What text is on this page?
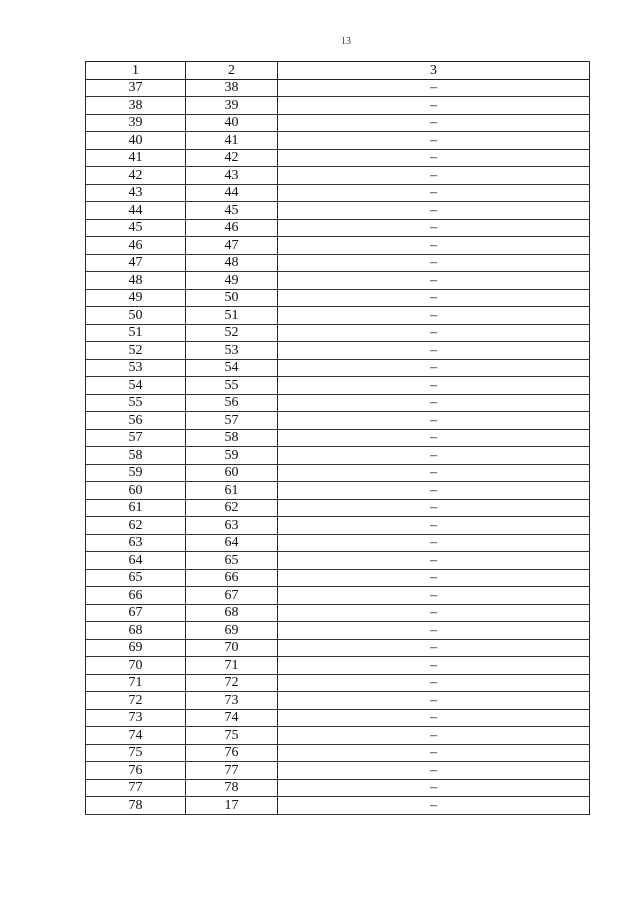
13
1	2	3
37	38	–
38	39	–
39	40	–
40	41	–
41	42	–
42	43	–
43	44	–
44	45	–
45	46	–
46	47	–
47	48	–
48	49	–
49	50	–
50	51	–
51	52	–
52	53	–
53	54	–
54	55	–
55	56	–
56	57	–
57	58	–
58	59	–
59	60	–
60	61	–
61	62	–
62	63	–
63	64	–
64	65	–
65	66	–
66	67	–
67	68	–
68	69	–
69	70	–
70	71	–
71	72	–
72	73	–
73	74	–
74	75	–
75	76	–
76	77	–
77	78	–
78	17	–
